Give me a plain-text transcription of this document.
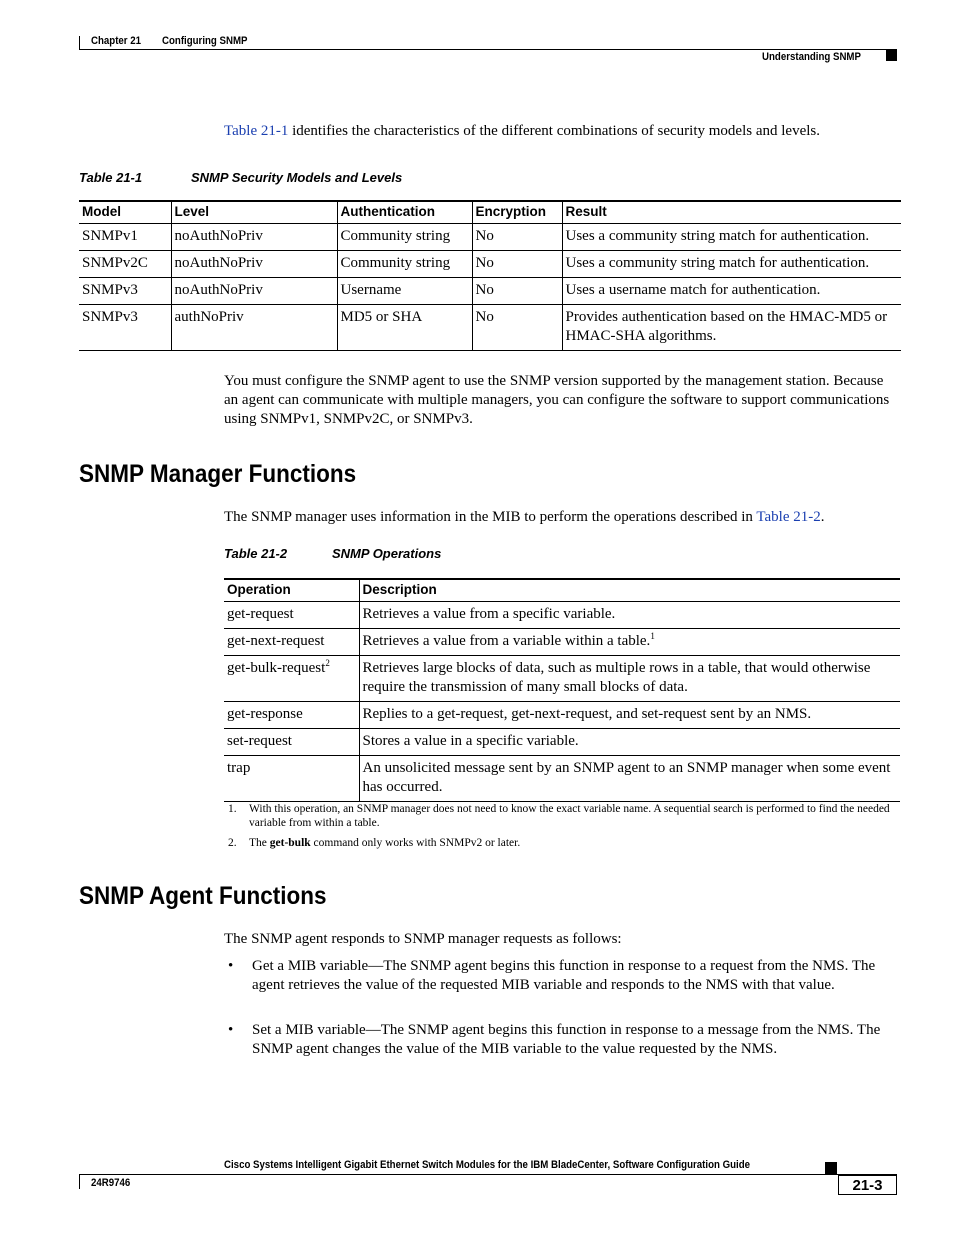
Chapter 21 Configuring SNMP
Understanding SNMP
Table 21-1 identifies the characteristics of the different combinations of security models and levels.
Table 21-1	SNMP Security Models and Levels
Model	Level	Authentication	Encryption	Result
SNMPv1	noAuthNoPriv	Community string	No	Uses a community string match for authentication.
SNMPv2C	noAuthNoPriv	Community string	No	Uses a community string match for authentication.
SNMPv3	noAuthNoPriv	Username	No	Uses a username match for authentication.
SNMPv3	authNoPriv	MD5 or SHA	No	Provides authentication based on the HMAC-MD5 or HMAC-SHA algorithms.
You must configure the SNMP agent to use the SNMP version supported by the management station. Because an agent can communicate with multiple managers, you can configure the software to support communications using SNMPv1, SNMPv2C, or SNMPv3.
SNMP Manager Functions
The SNMP manager uses information in the MIB to perform the operations described in Table 21-2.
Table 21-2	SNMP Operations
Operation	Description
get-request	Retrieves a value from a specific variable.
get-next-request	Retrieves a value from a variable within a table.$^1$
get-bulk-request$^2$	Retrieves large blocks of data, such as multiple rows in a table, that would otherwise require the transmission of many small blocks of data.
get-response	Replies to a get-request, get-next-request, and set-request sent by an NMS.
set-request	Stores a value in a specific variable.
trap	An unsolicited message sent by an SNMP agent to an SNMP manager when some event has occurred.
1. With this operation, an SNMP manager does not need to know the exact variable name. A sequential search is performed to find the needed variable from within a table.
2. The get-bulk command only works with SNMPv2 or later.
SNMP Agent Functions
The SNMP agent responds to SNMP manager requests as follows:
• Get a MIB variable—The SNMP agent begins this function in response to a request from the NMS. The agent retrieves the value of the requested MIB variable and responds to the NMS with that value.
• Set a MIB variable—The SNMP agent begins this function in response to a message from the NMS. The SNMP agent changes the value of the MIB variable to the value requested by the NMS.
Cisco Systems Intelligent Gigabit Ethernet Switch Modules for the IBM BladeCenter, Software Configuration Guide
24R9746	21-3
